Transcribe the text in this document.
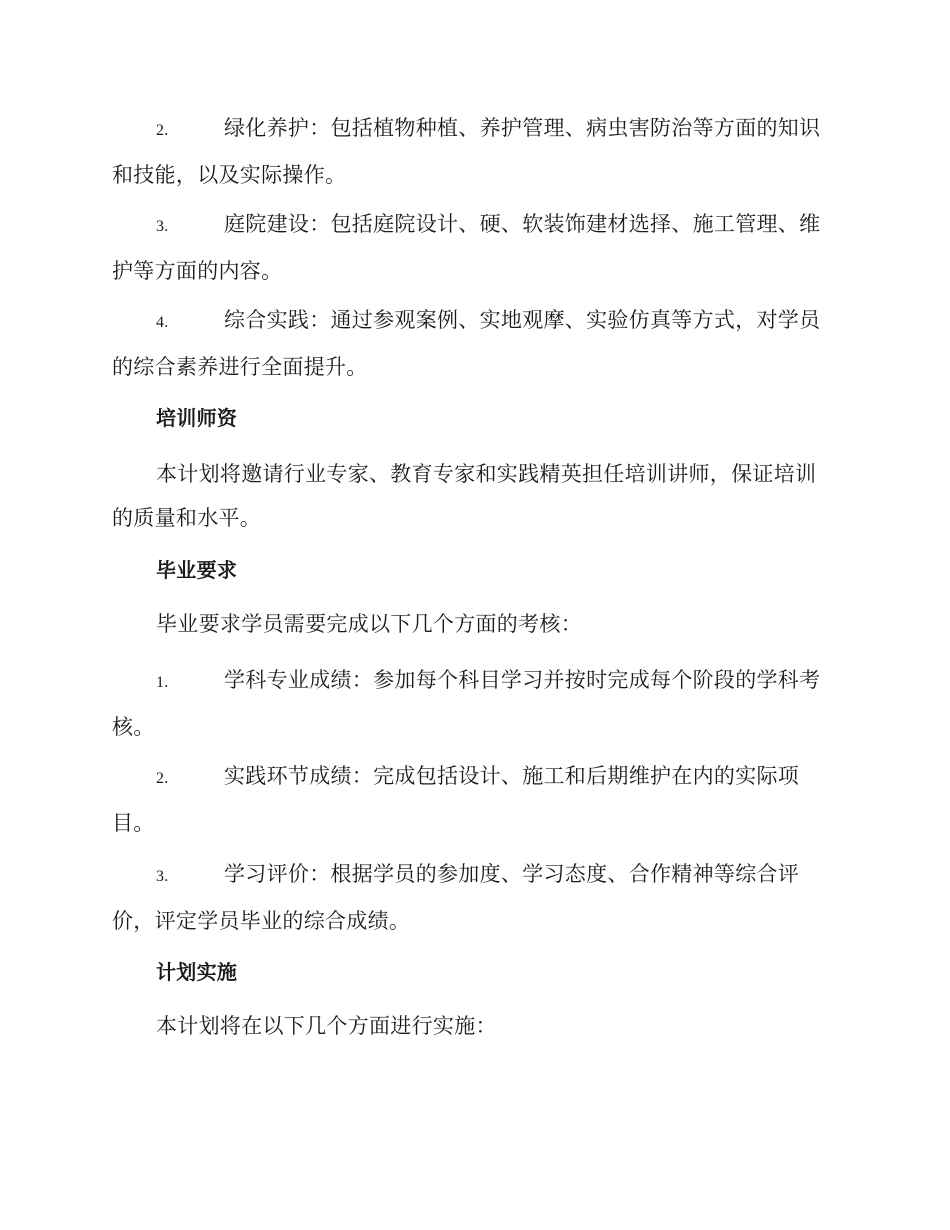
2.	绿化养护：包括植物种植、养护管理、病虫害防治等方面的知识和技能，以及实际操作。
3.	庭院建设：包括庭院设计、硬、软装饰建材选择、施工管理、维护等方面的内容。
4.	综合实践：通过参观案例、实地观摩、实验仿真等方式，对学员的综合素养进行全面提升。
培训师资
本计划将邀请行业专家、教育专家和实践精英担任培训讲师，保证培训的质量和水平。
毕业要求
毕业要求学员需要完成以下几个方面的考核：
1.	学科专业成绩：参加每个科目学习并按时完成每个阶段的学科考核。
2.	实践环节成绩：完成包括设计、施工和后期维护在内的实际项目。
3.	学习评价：根据学员的参加度、学习态度、合作精神等综合评价，评定学员毕业的综合成绩。
计划实施
本计划将在以下几个方面进行实施：
